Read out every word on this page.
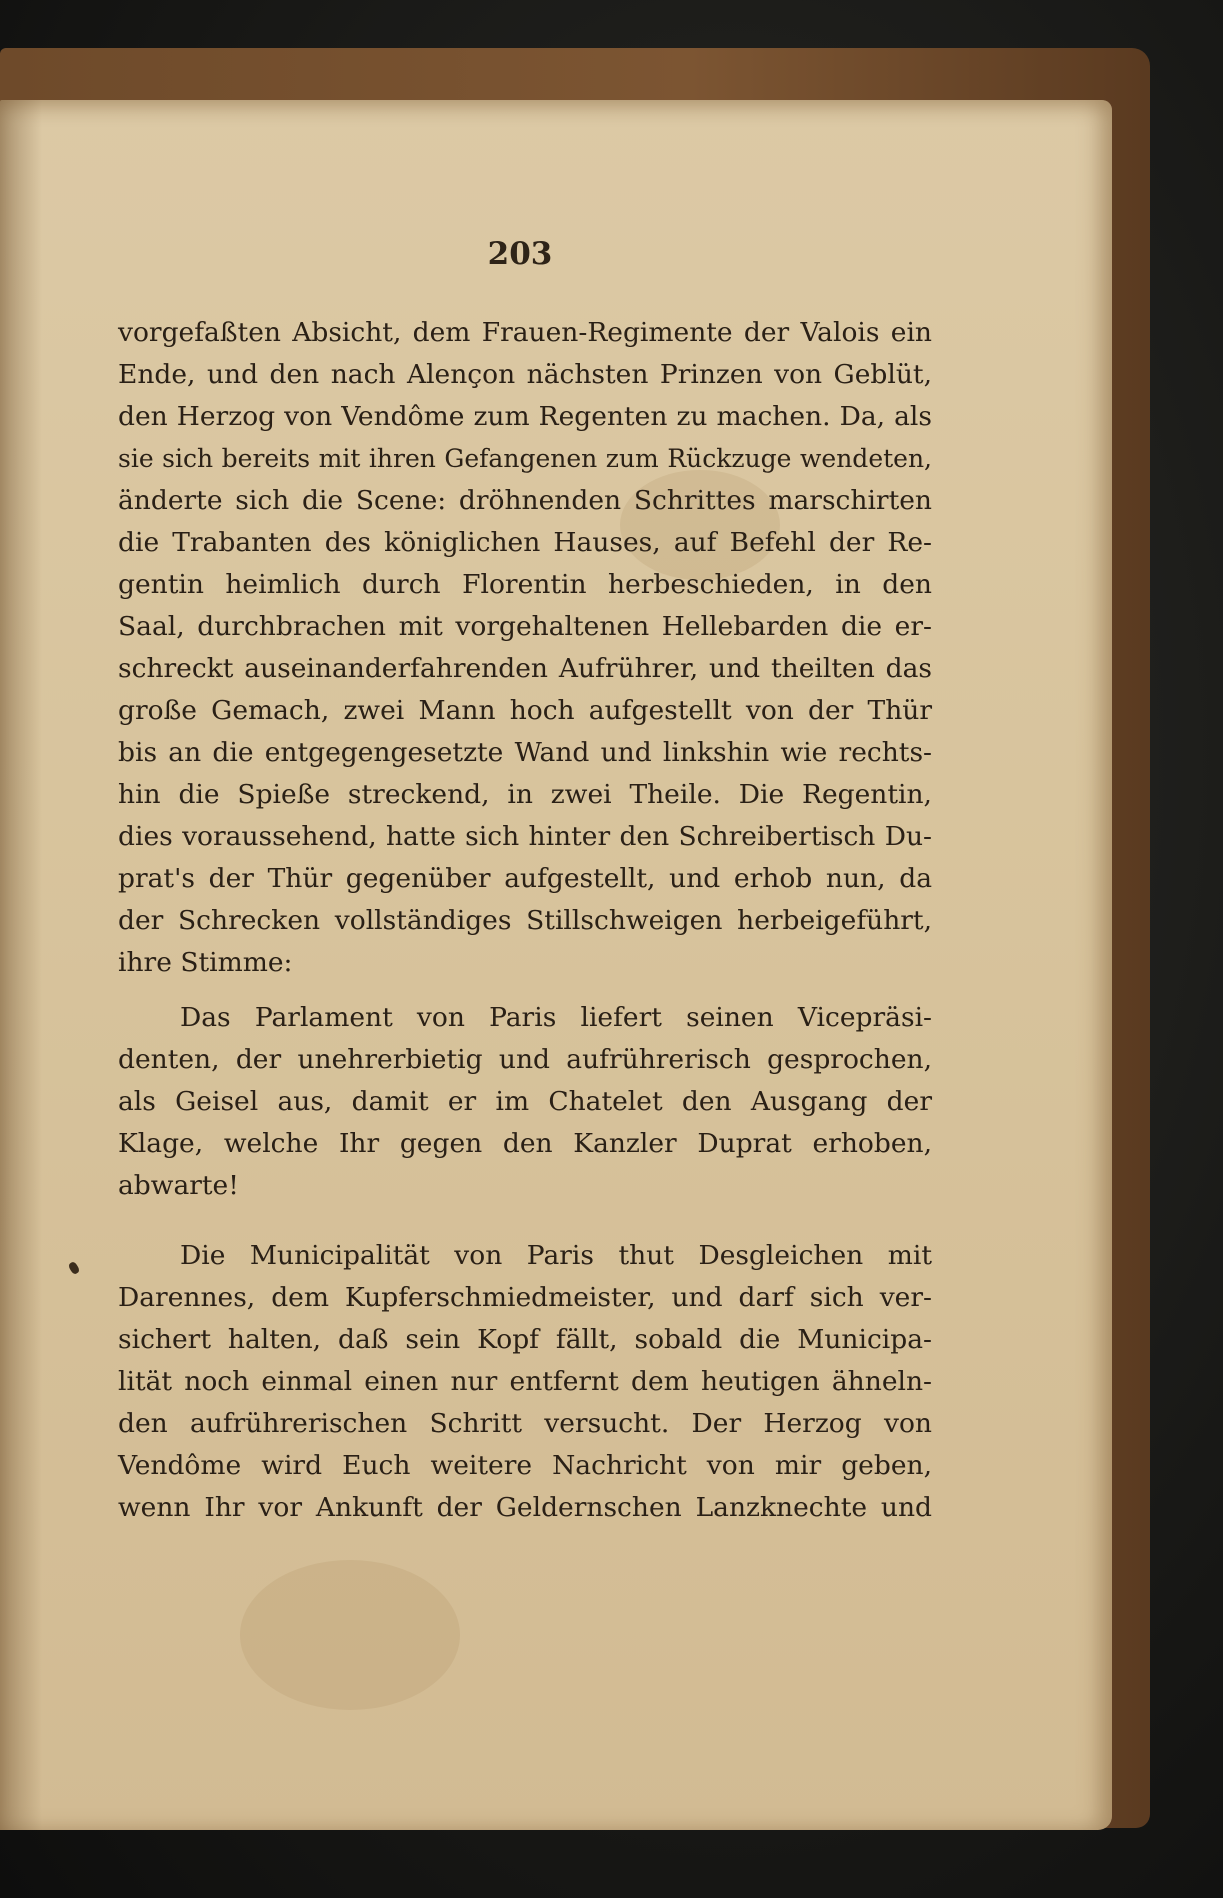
203
vorgefaßten Absicht, dem Frauen-Regimente der Valois ein
Ende, und den nach Alençon nächsten Prinzen von Geblüt,
den Herzog von Vendôme zum Regenten zu machen. Da, als
sie sich bereits mit ihren Gefangenen zum Rückzuge wendeten,
änderte sich die Scene: dröhnenden Schrittes marschirten
die Trabanten des königlichen Hauses, auf Befehl der Re-
gentin heimlich durch Florentin herbeschieden, in den
Saal, durchbrachen mit vorgehaltenen Hellebarden die er-
schreckt auseinanderfahrenden Aufrührer, und theilten das
große Gemach, zwei Mann hoch aufgestellt von der Thür
bis an die entgegengesetzte Wand und linkshin wie rechts-
hin die Spieße streckend, in zwei Theile. Die Regentin,
dies voraussehend, hatte sich hinter den Schreibertisch Du-
prat's der Thür gegenüber aufgestellt, und erhob nun, da
der Schrecken vollständiges Stillschweigen herbeigeführt,
ihre Stimme:
Das Parlament von Paris liefert seinen Vicepräsi-
denten, der unehrerbietig und aufrührerisch gesprochen,
als Geisel aus, damit er im Chatelet den Ausgang der
Klage, welche Ihr gegen den Kanzler Duprat erhoben,
abwarte!
Die Municipalität von Paris thut Desgleichen mit
Darennes, dem Kupferschmiedmeister, und darf sich ver-
sichert halten, daß sein Kopf fällt, sobald die Municipa-
lität noch einmal einen nur entfernt dem heutigen ähneln-
den aufrührerischen Schritt versucht. Der Herzog von
Vendôme wird Euch weitere Nachricht von mir geben,
wenn Ihr vor Ankunft der Geldernschen Lanzknechte und
